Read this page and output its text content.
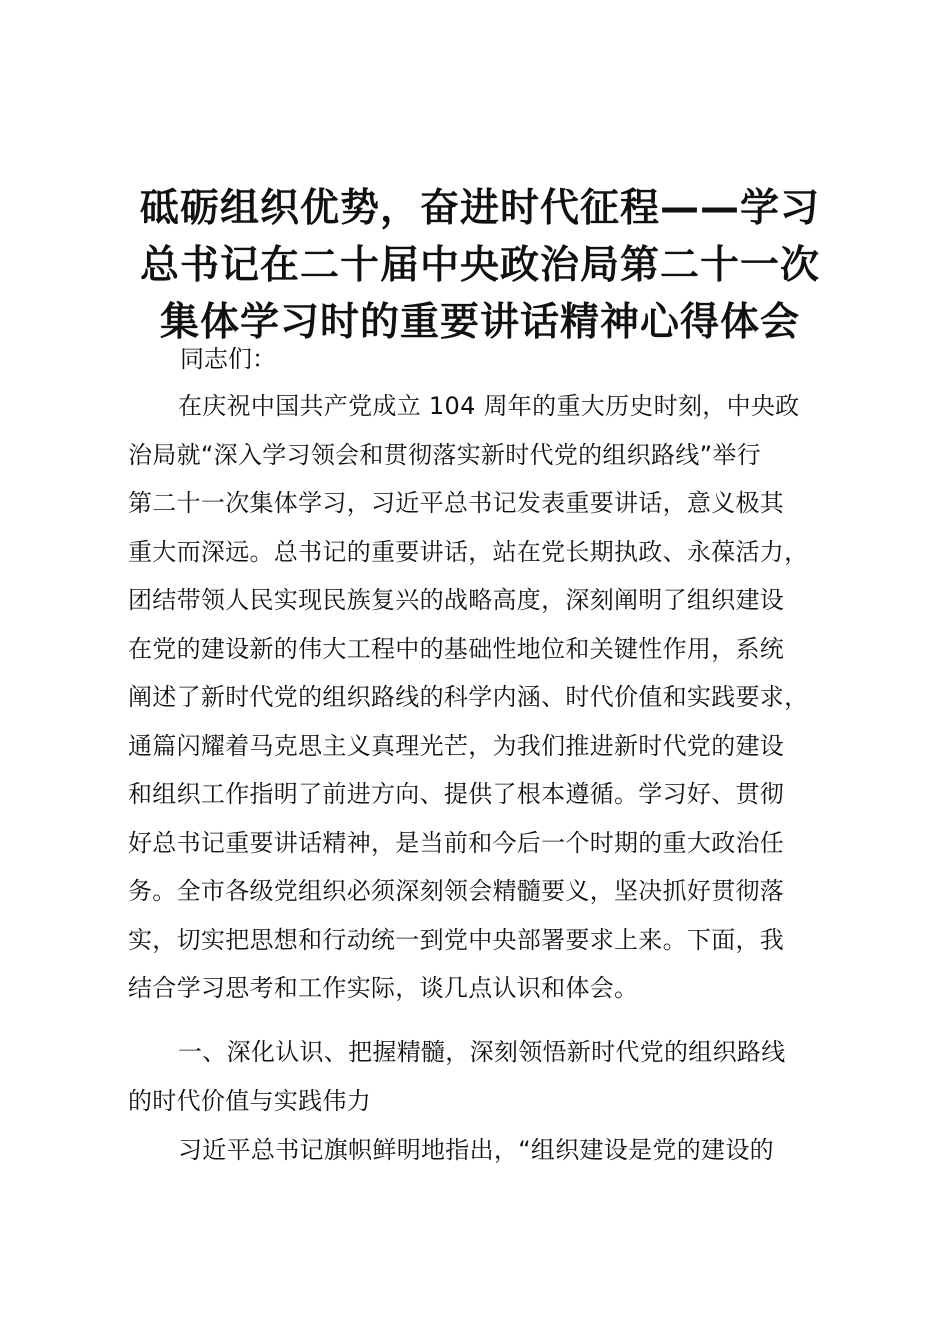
砥砺组织优势，奋进时代征程——学习
总书记在二十届中央政治局第二十一次
集体学习时的重要讲话精神心得体会
同志们：
在庆祝中国共产党成立 104 周年的重大历史时刻，中央政
治局就“深入学习领会和贯彻落实新时代党的组织路线”举行
第二十一次集体学习，习近平总书记发表重要讲话，意义极其
重大而深远。总书记的重要讲话，站在党长期执政、永葆活力，
团结带领人民实现民族复兴的战略高度，深刻阐明了组织建设
在党的建设新的伟大工程中的基础性地位和关键性作用，系统
阐述了新时代党的组织路线的科学内涵、时代价值和实践要求，
通篇闪耀着马克思主义真理光芒，为我们推进新时代党的建设
和组织工作指明了前进方向、提供了根本遵循。学习好、贯彻
好总书记重要讲话精神，是当前和今后一个时期的重大政治任
务。全市各级党组织必须深刻领会精髓要义，坚决抓好贯彻落
实，切实把思想和行动统一到党中央部署要求上来。下面，我
结合学习思考和工作实际，谈几点认识和体会。
一、深化认识、把握精髓，深刻领悟新时代党的组织路线
的时代价值与实践伟力
习近平总书记旗帜鲜明地指出，“组织建设是党的建设的
